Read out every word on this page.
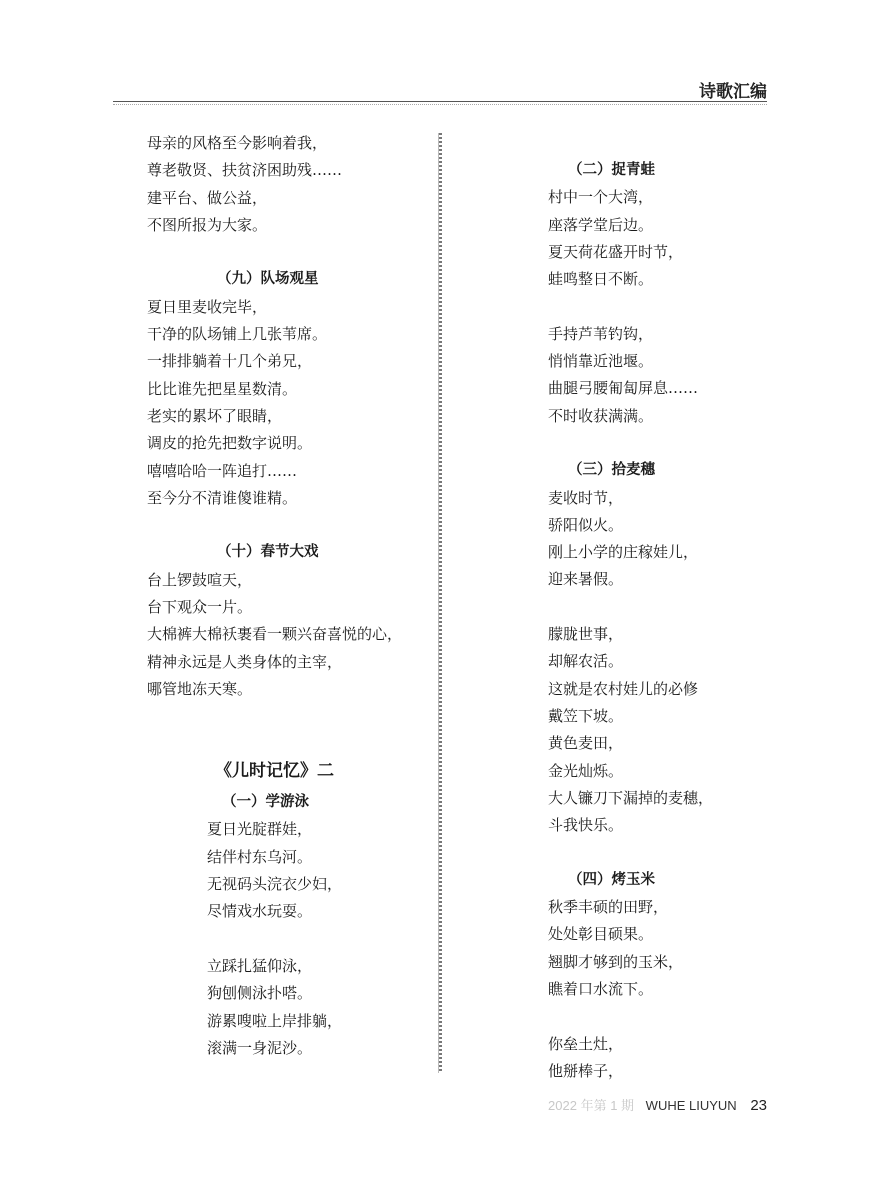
诗歌汇编
母亲的风格至今影响着我，
尊老敬贤、扶贫济困助残……
建平台、做公益，
不图所报为大家。
（九）队场观星
夏日里麦收完毕，
干净的队场铺上几张苇席。
一排排躺着十几个弟兄，
比比谁先把星星数清。
老实的累坏了眼睛，
调皮的抢先把数字说明。
嘻嘻哈哈一阵追打……
至今分不清谁傻谁精。
（十）春节大戏
台上锣鼓喧天，
台下观众一片。
大棉裤大棉袄裹看一颗兴奋喜悦的心，
精神永远是人类身体的主宰，
哪管地冻天寒。
《儿时记忆》二
（一）学游泳
夏日光腚群娃，
结伴村东乌河。
无视码头浣衣少妇，
尽情戏水玩耍。
立踩扎猛仰泳，
狗刨侧泳扑嗒。
游累嗖啦上岸排躺，
滚满一身泥沙。
（二）捉青蛙
村中一个大湾，
座落学堂后边。
夏天荷花盛开时节，
蛙鸣整日不断。
手持芦苇钓钩，
悄悄靠近池堰。
曲腿弓腰匍匐屏息……
不时收获满满。
（三）拾麦穗
麦收时节，
骄阳似火。
刚上小学的庄稼娃儿，
迎来暑假。
朦胧世事，
却解农活。
这就是农村娃儿的必修
戴笠下坡。
黄色麦田，
金光灿烁。
大人镰刀下漏掉的麦穗，
斗我快乐。
（四）烤玉米
秋季丰硕的田野，
处处彰目硕果。
翘脚才够到的玉米，
瞧着口水流下。
你垒土灶，
他掰棒子，
2022 年第 1 期 WUHE LIUYUN 23
